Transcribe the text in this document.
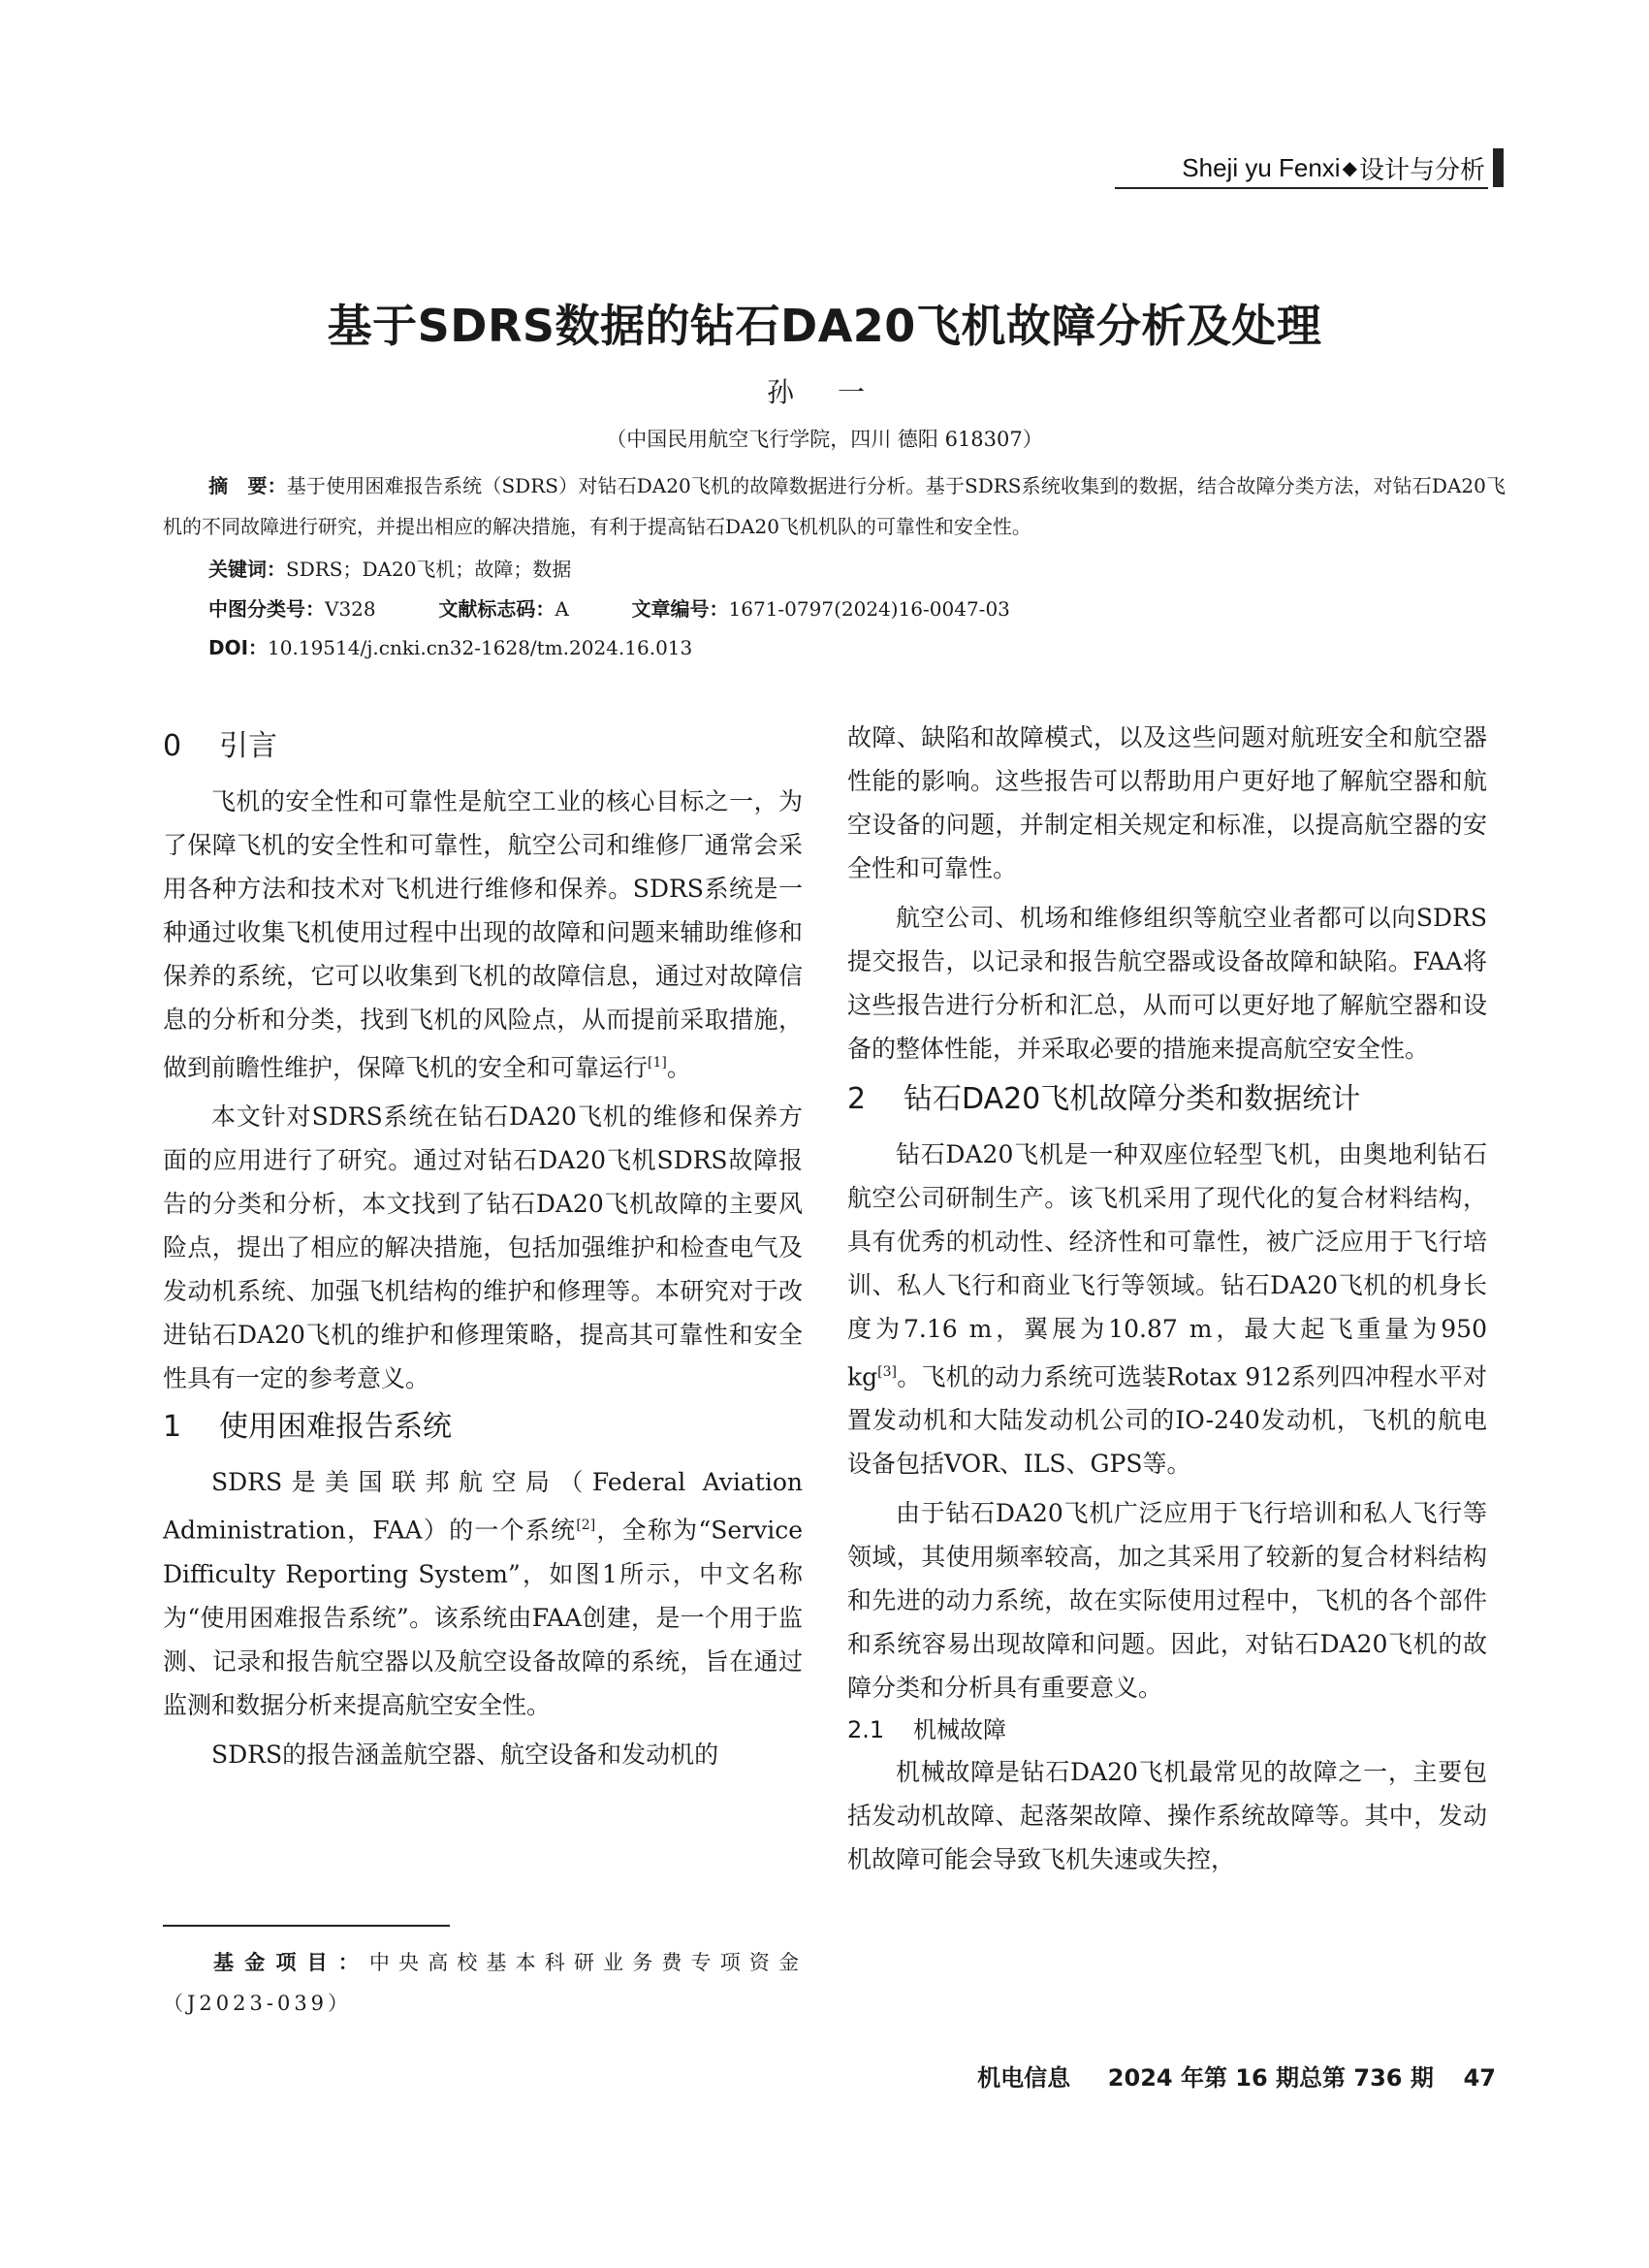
Sheji yu Fenxi ◆ 设计与分析
基于SDRS数据的钻石DA20飞机故障分析及处理
孙 一
（中国民用航空飞行学院，四川 德阳 618307）
摘　要：基于使用困难报告系统（SDRS）对钻石DA20飞机的故障数据进行分析。基于SDRS系统收集到的数据，结合故障分类方法，对钻石DA20飞机的不同故障进行研究，并提出相应的解决措施，有利于提高钻石DA20飞机机队的可靠性和安全性。
关键词：SDRS；DA20飞机；故障；数据
中图分类号：V328	文献标志码：A	文章编号：1671-0797(2024)16-0047-03
DOI：10.19514/j.cnki.cn32-1628/tm.2024.16.013
0 引言

飞机的安全性和可靠性是航空工业的核心目标之一，为了保障飞机的安全性和可靠性，航空公司和维修厂通常会采用各种方法和技术对飞机进行维修和保养。SDRS系统是一种通过收集飞机使用过程中出现的故障和问题来辅助维修和保养的系统，它可以收集到飞机的故障信息，通过对故障信息的分析和分类，找到飞机的风险点，从而提前采取措施，做到前瞻性维护，保障飞机的安全和可靠运行[1]。

本文针对SDRS系统在钻石DA20飞机的维修和保养方面的应用进行了研究。通过对钻石DA20飞机SDRS故障报告的分类和分析，本文找到了钻石DA20飞机故障的主要风险点，提出了相应的解决措施，包括加强维护和检查电气及发动机系统、加强飞机结构的维护和修理等。本研究对于改进钻石DA20飞机的维护和修理策略，提高其可靠性和安全性具有一定的参考意义。

1 使用困难报告系统

SDRS是美国联邦航空局（Federal Aviation Administration，FAA）的一个系统[2]，全称为“Service Difficulty Reporting System”，如图1所示，中文名称为“使用困难报告系统”。该系统由FAA创建，是一个用于监测、记录和报告航空器以及航空设备故障的系统，旨在通过监测和数据分析来提高航空安全性。

SDRS的报告涵盖航空器、航空设备和发动机的

基金项目：中央高校基本科研业务费专项资金（J2023-039）

故障、缺陷和故障模式，以及这些问题对航班安全和航空器性能的影响。这些报告可以帮助用户更好地了解航空器和航空设备的问题，并制定相关规定和标准，以提高航空器的安全性和可靠性。

航空公司、机场和维修组织等航空业者都可以向SDRS提交报告，以记录和报告航空器或设备故障和缺陷。FAA将这些报告进行分析和汇总，从而可以更好地了解航空器和设备的整体性能，并采取必要的措施来提高航空安全性。

2 钻石DA20飞机故障分类和数据统计

钻石DA20飞机是一种双座位轻型飞机，由奥地利钻石航空公司研制生产。该飞机采用了现代化的复合材料结构，具有优秀的机动性、经济性和可靠性，被广泛应用于飞行培训、私人飞行和商业飞行等领域。钻石DA20飞机的机身长度为7.16 m，翼展为10.87 m，最大起飞重量为950 kg[3]。飞机的动力系统可选装Rotax 912系列四冲程水平对置发动机和大陆发动机公司的IO-240发动机，飞机的航电设备包括VOR、ILS、GPS等。

由于钻石DA20飞机广泛应用于飞行培训和私人飞行等领域，其使用频率较高，加之其采用了较新的复合材料结构和先进的动力系统，故在实际使用过程中，飞机的各个部件和系统容易出现故障和问题。因此，对钻石DA20飞机的故障分类和分析具有重要意义。

2.1 机械故障

机械故障是钻石DA20飞机最常见的故障之一，主要包括发动机故障、起落架故障、操作系统故障等。其中，发动机故障可能会导致飞机失速或失控，

机电信息 2024 年第 16 期总第 736 期 47
